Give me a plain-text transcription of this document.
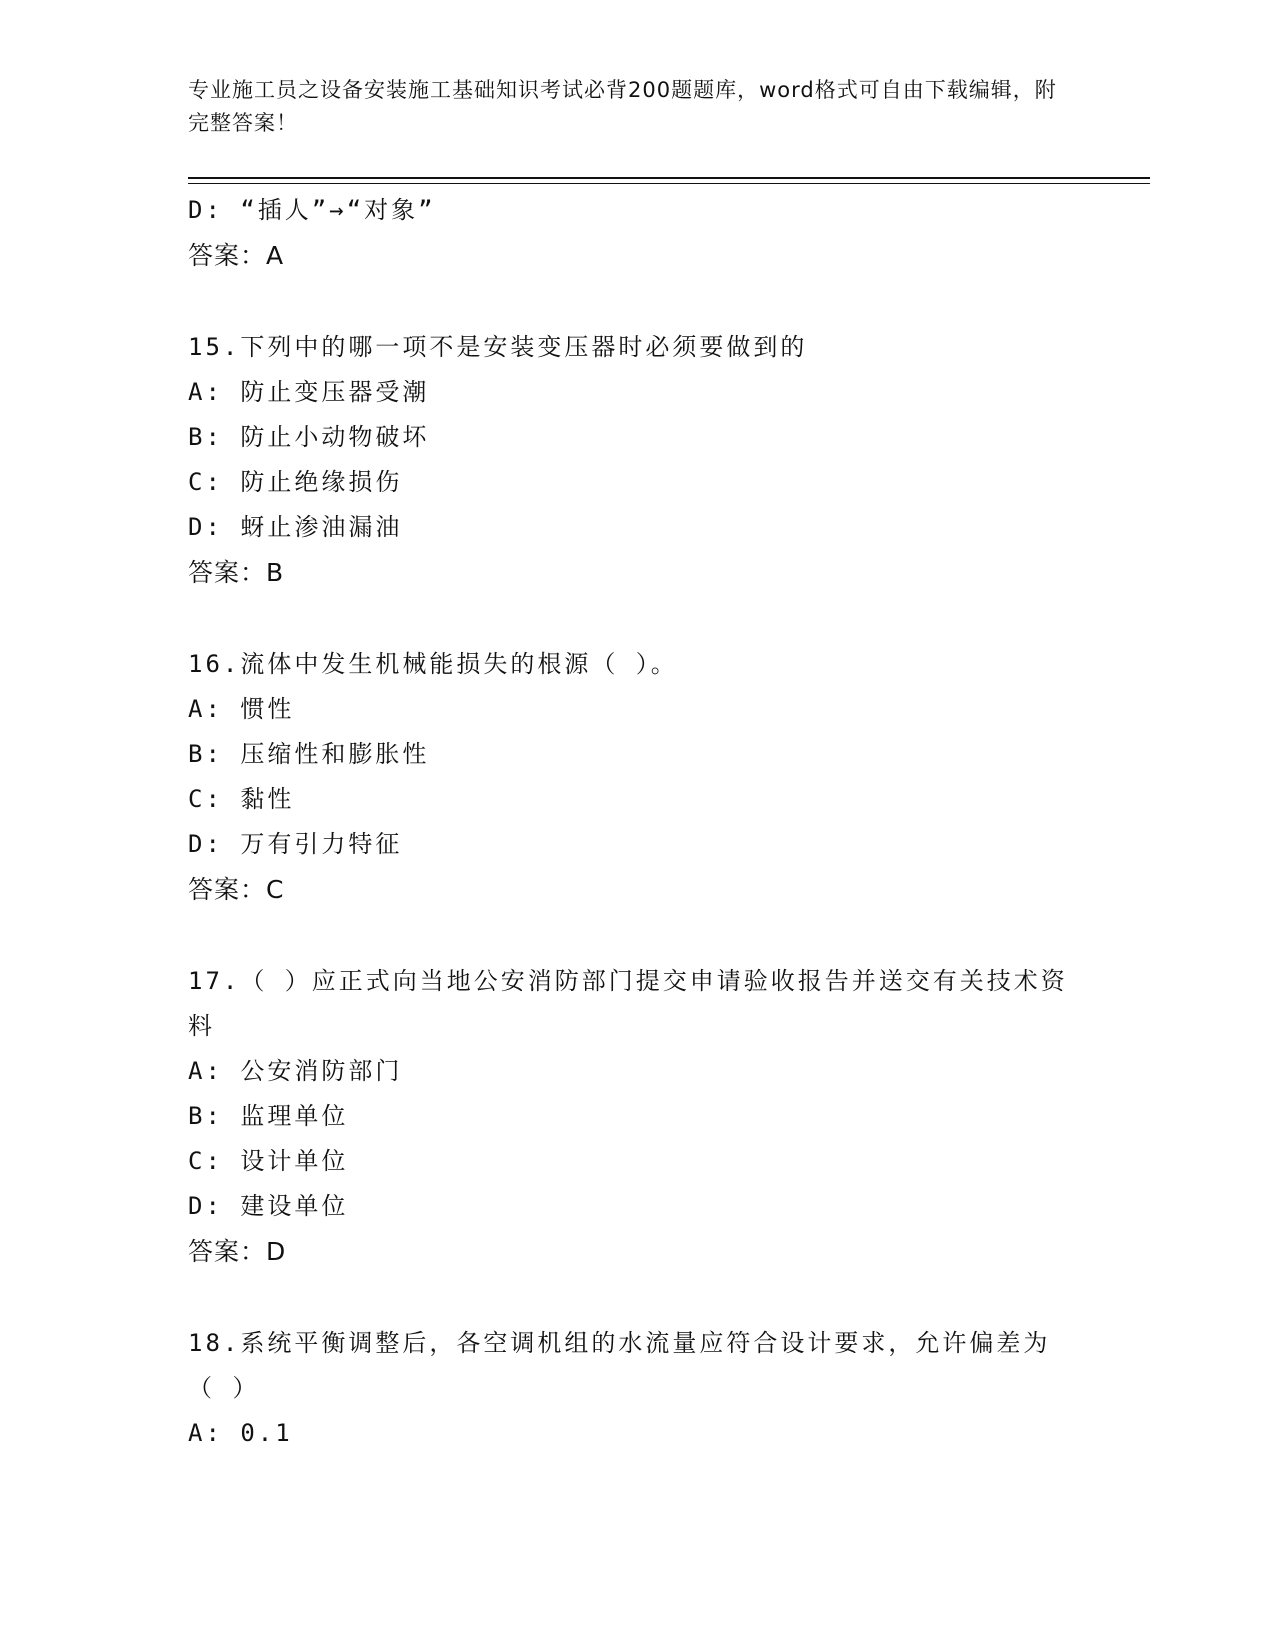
专业施工员之设备安装施工基础知识考试必背200题题库，word格式可自由下载编辑，附完整答案！
D: “插人”→“对象”
答案：A
15.下列中的哪一项不是安装变压器时必须要做到的
A: 防止变压器受潮
B: 防止小动物破坏
C: 防止绝缘损伤
D: 蚜止渗油漏油
答案：B
16.流体中发生机械能损失的根源（ ）。
A: 惯性
B: 压缩性和膨胀性
C: 黏性
D: 万有引力特征
答案：C
17.（ ）应正式向当地公安消防部门提交申请验收报告并送交有关技术资料
A: 公安消防部门
B: 监理单位
C: 设计单位
D: 建设单位
答案：D
18.系统平衡调整后，各空调机组的水流量应符合设计要求，允许偏差为（ ）
A: 0.1
